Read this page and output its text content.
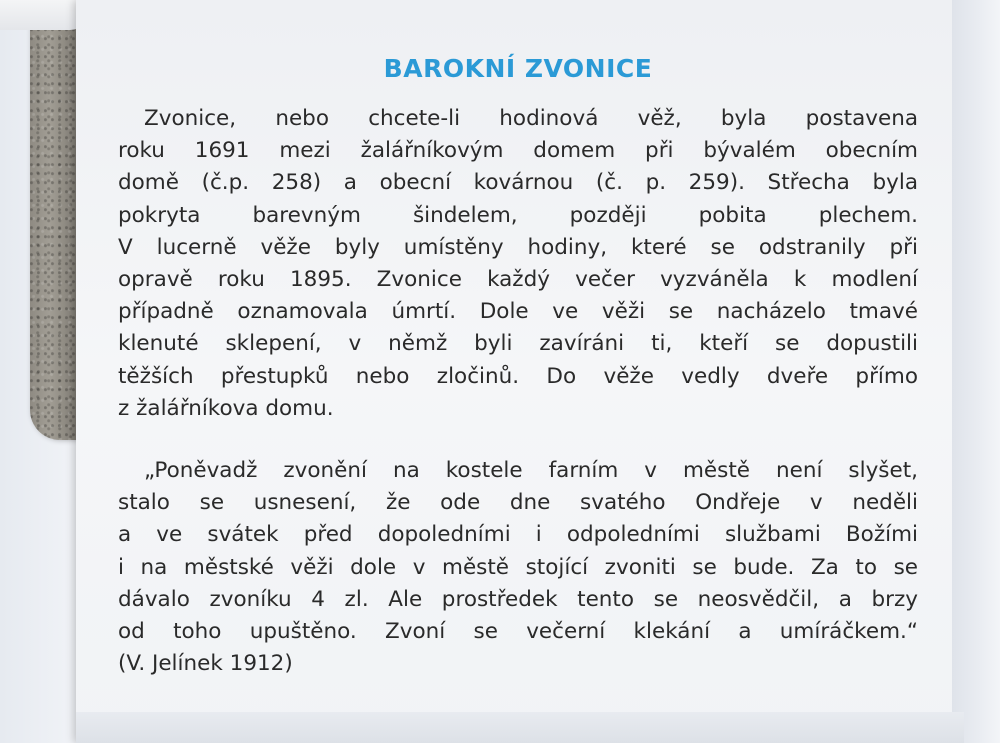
BAROKNÍ ZVONICE
Zvonice, nebo chcete-li hodinová věž, byla postavena
roku 1691 mezi žalářníkovým domem při bývalém obecním
domě (č.p. 258) a obecní kovárnou (č. p. 259). Střecha byla
pokryta barevným šindelem, později pobita plechem.
V lucerně věže byly umístěny hodiny, které se odstranily při
opravě roku 1895. Zvonice každý večer vyzváněla k modlení
případně oznamovala úmrtí. Dole ve věži se nacházelo tmavé
klenuté sklepení, v němž byli zavíráni ti, kteří se dopustili
těžších přestupků nebo zločinů. Do věže vedly dveře přímo
z žalářníkova domu.
„Poněvadž zvonění na kostele farním v městě není slyšet,
stalo se usnesení, že ode dne svatého Ondřeje v neděli
a ve svátek před dopoledními i odpoledními službami Božími
i na městské věži dole v městě stojící zvoniti se bude. Za to se
dávalo zvoníku 4 zl. Ale prostředek tento se neosvědčil, a brzy
od toho upuštěno. Zvoní se večerní klekání a umíráčkem.“
(V. Jelínek 1912)
